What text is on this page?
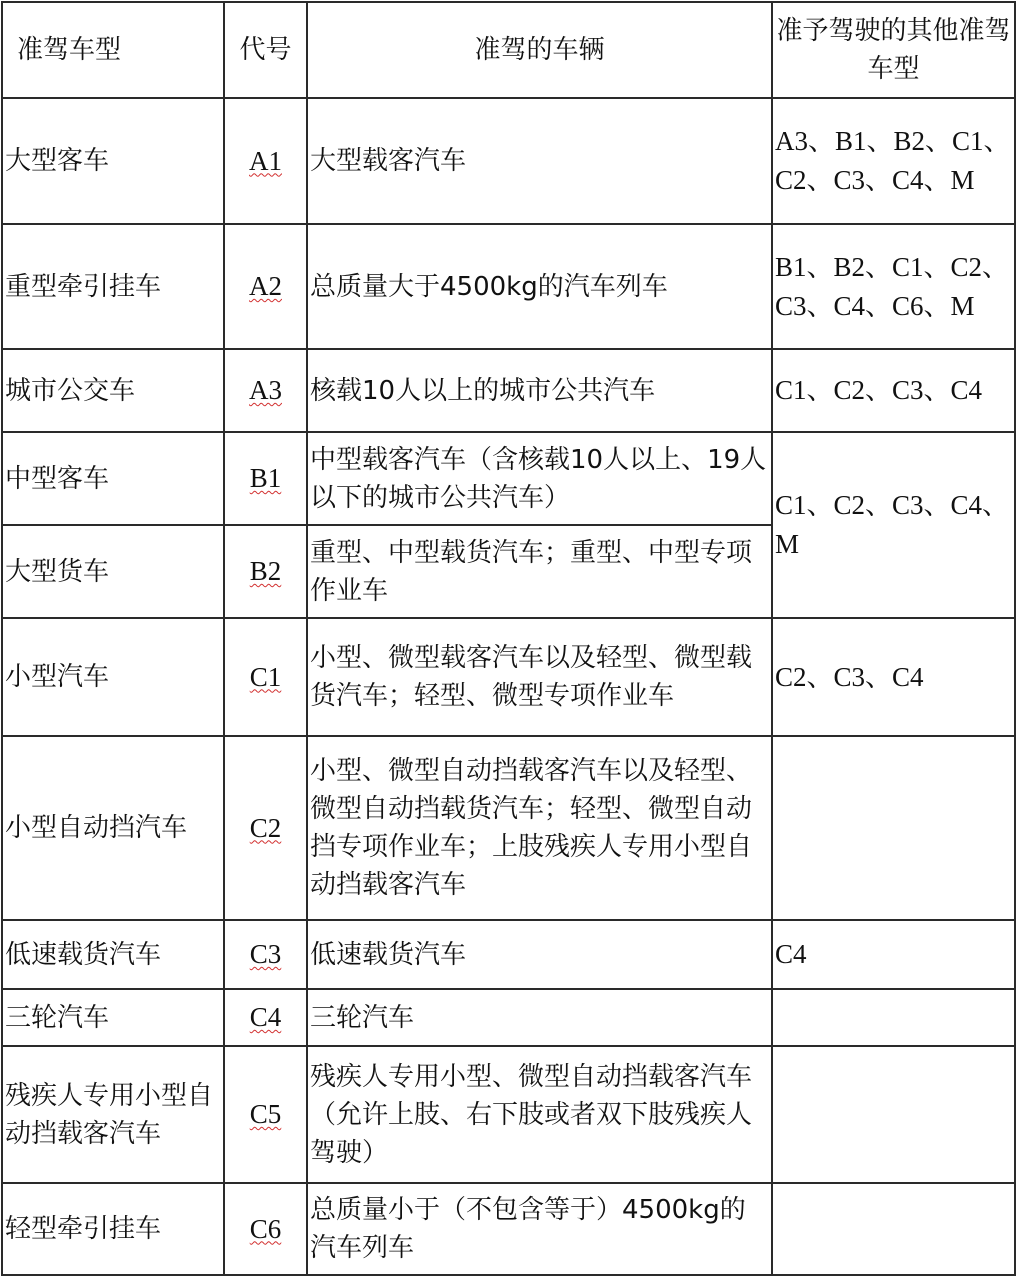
准驾车型	代号	准驾的车辆	准予驾驶的其他准驾车型
大型客车	A1	大型载客汽车	A3、B1、B2、C1、C2、C3、C4、M
重型牵引挂车	A2	总质量大于4500kg的汽车列车	B1、B2、C1、C2、C3、C4、C6、M
城市公交车	A3	核载10人以上的城市公共汽车	C1、C2、C3、C4
中型客车	B1	中型载客汽车（含核载10人以上、19人以下的城市公共汽车）	C1、C2、C3、C4、M
大型货车	B2	重型、中型载货汽车；重型、中型专项作业车	
小型汽车	C1	小型、微型载客汽车以及轻型、微型载货汽车；轻型、微型专项作业车	C2、C3、C4
小型自动挡汽车	C2	小型、微型自动挡载客汽车以及轻型、微型自动挡载货汽车；轻型、微型自动挡专项作业车；上肢残疾人专用小型自动挡载客汽车	
低速载货汽车	C3	低速载货汽车	C4
三轮汽车	C4	三轮汽车	
残疾人专用小型自动挡载客汽车	C5	残疾人专用小型、微型自动挡载客汽车（允许上肢、右下肢或者双下肢残疾人驾驶）	
轻型牵引挂车	C6	总质量小于（不包含等于）4500kg的汽车列车	
